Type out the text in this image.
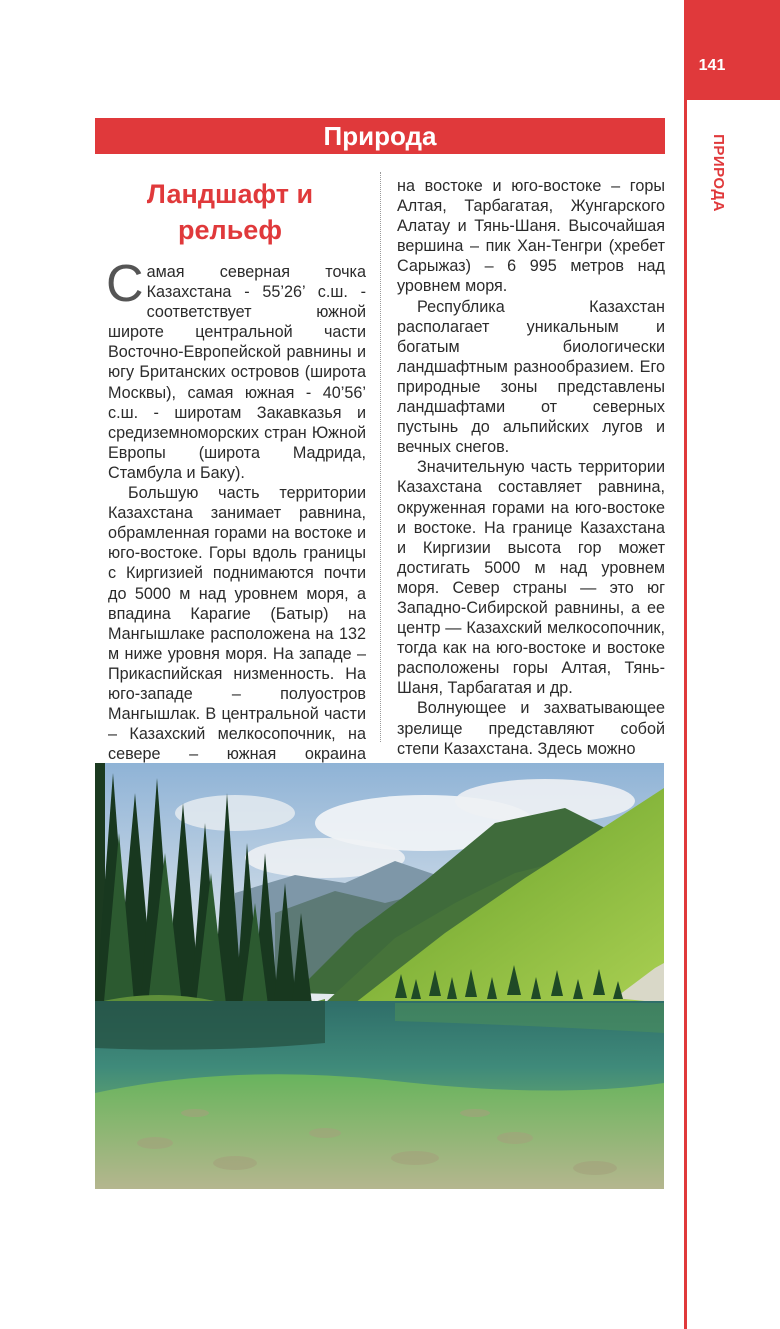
141
ПРИРОДА
Природа
Ландшафт и рельеф

Самая северная точка Казахстана - 55’26’ с.ш. - соответствует южной широте центральной части Восточно-Европейской равнины и югу Британских островов (широта Москвы), самая южная - 40’56’ с.ш. - широтам Закавказья и средиземноморских стран Южной Европы (широта Мадрида, Стамбула и Баку).

Большую часть территории Казахстана занимает равнина, обрамленная горами на востоке и юго-востоке. Горы вдоль границы с Киргизией поднимаются почти до 5000 м над уровнем моря, а впадина Карагие (Батыр) на Мангышлаке расположена на 132 м ниже уровня моря. На западе – Прикаспийская низменность. На юго-западе – полуостров Мангышлак. В центральной части – Казахский мелкосопочник, на севере – южная окраина

на востоке и юго-востоке – горы Алтая, Тарбагатая, Жунгарского Алатау и Тянь-Шаня. Высочайшая вершина – пик Хан-Тенгри (хребет Сарыжаз) – 6 995 метров над уровнем моря.

Республика Казахстан располагает уникальным и богатым биологически ландшафтным разнообразием. Его природные зоны представлены ландшафтами от северных пустынь до альпийских лугов и вечных снегов.

Значительную часть территории Казахстана составляет равнина, окруженная горами на юго-востоке и востоке. На границе Казахстана и Киргизии высота гор может достигать 5000 м над уровнем моря. Север страны — это юг Западно-Сибирской равнины, а ее центр — Казахский мелкосопочник, тогда как на юго-востоке и востоке расположены горы Алтая, Тянь-Шаня, Тарбагатая и др.

Волнующее и захватывающее зрелище представляют собой степи Казахстана. Здесь можно
